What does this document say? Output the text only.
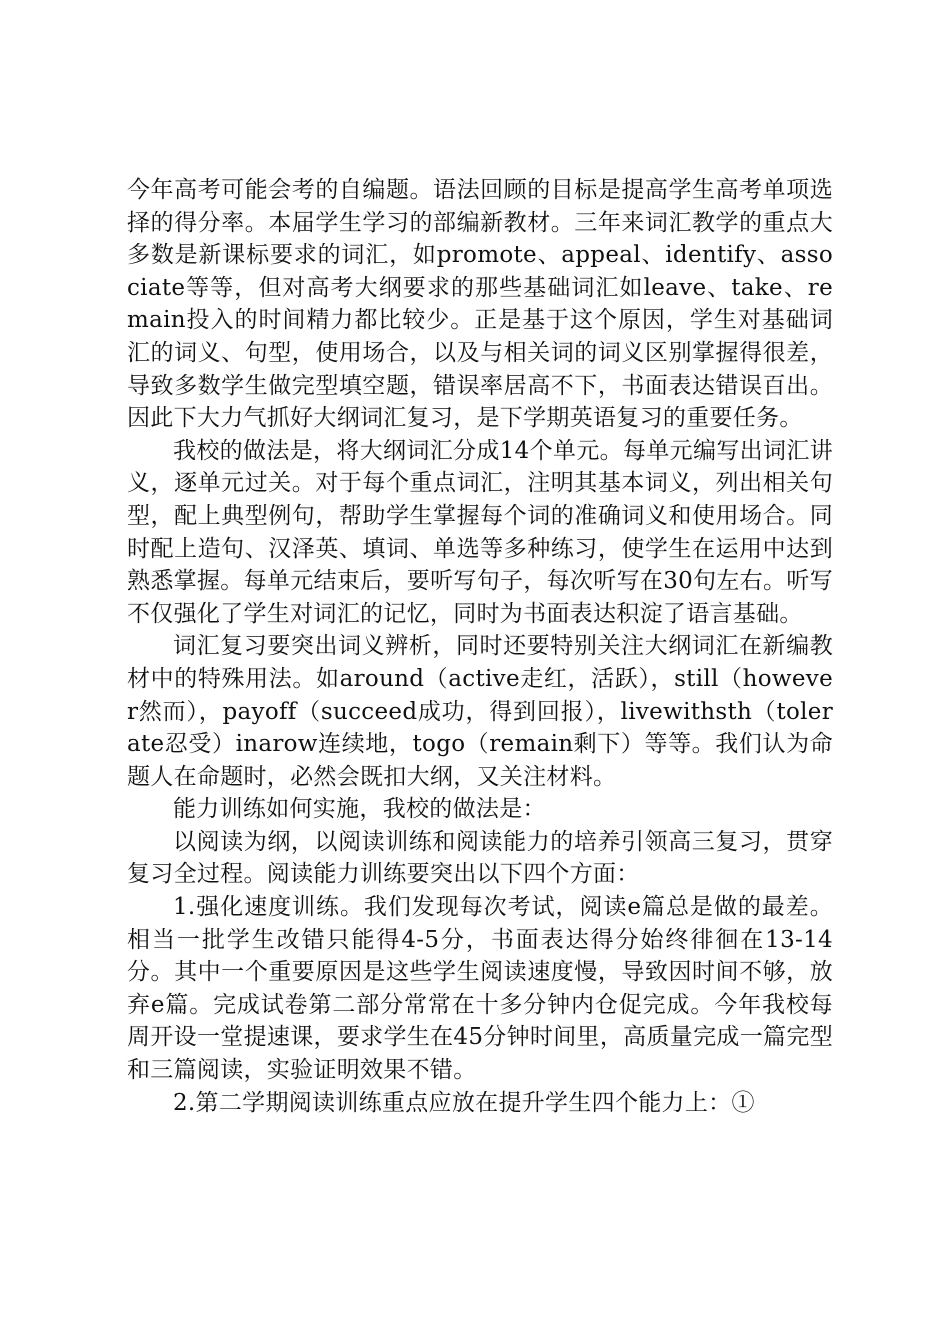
今年高考可能会考的自编题。语法回顾的目标是提高学生高考单项选择的得分率。本届学生学习的部编新教材。三年来词汇教学的重点大多数是新课标要求的词汇，如promote、appeal、identify、associate等等，但对高考大纲要求的那些基础词汇如leave、take、remain投入的时间精力都比较少。正是基于这个原因，学生对基础词汇的词义、句型，使用场合，以及与相关词的词义区别掌握得很差，导致多数学生做完型填空题，错误率居高不下，书面表达错误百出。因此下大力气抓好大纲词汇复习，是下学期英语复习的重要任务。

我校的做法是，将大纲词汇分成14个单元。每单元编写出词汇讲义，逐单元过关。对于每个重点词汇，注明其基本词义，列出相关句型，配上典型例句，帮助学生掌握每个词的准确词义和使用场合。同时配上造句、汉泽英、填词、单选等多种练习，使学生在运用中达到熟悉掌握。每单元结束后，要听写句子，每次听写在30句左右。听写不仅强化了学生对词汇的记忆，同时为书面表达积淀了语言基础。

词汇复习要突出词义辨析，同时还要特别关注大纲词汇在新编教材中的特殊用法。如around（active走红，活跃），still（however然而），payoff（succeed成功，得到回报），livewithsth（tolerate忍受）inarow连续地，togo（remain剩下）等等。我们认为命题人在命题时，必然会既扣大纲，又关注材料。

能力训练如何实施，我校的做法是：

以阅读为纲，以阅读训练和阅读能力的培养引领高三复习，贯穿复习全过程。阅读能力训练要突出以下四个方面：

1.强化速度训练。我们发现每次考试，阅读e篇总是做的最差。相当一批学生改错只能得4-5分，书面表达得分始终徘徊在13-14分。其中一个重要原因是这些学生阅读速度慢，导致因时间不够，放弃e篇。完成试卷第二部分常常在十多分钟内仓促完成。今年我校每周开设一堂提速课，要求学生在45分钟时间里，高质量完成一篇完型和三篇阅读，实验证明效果不错。

2.第二学期阅读训练重点应放在提升学生四个能力上：①
